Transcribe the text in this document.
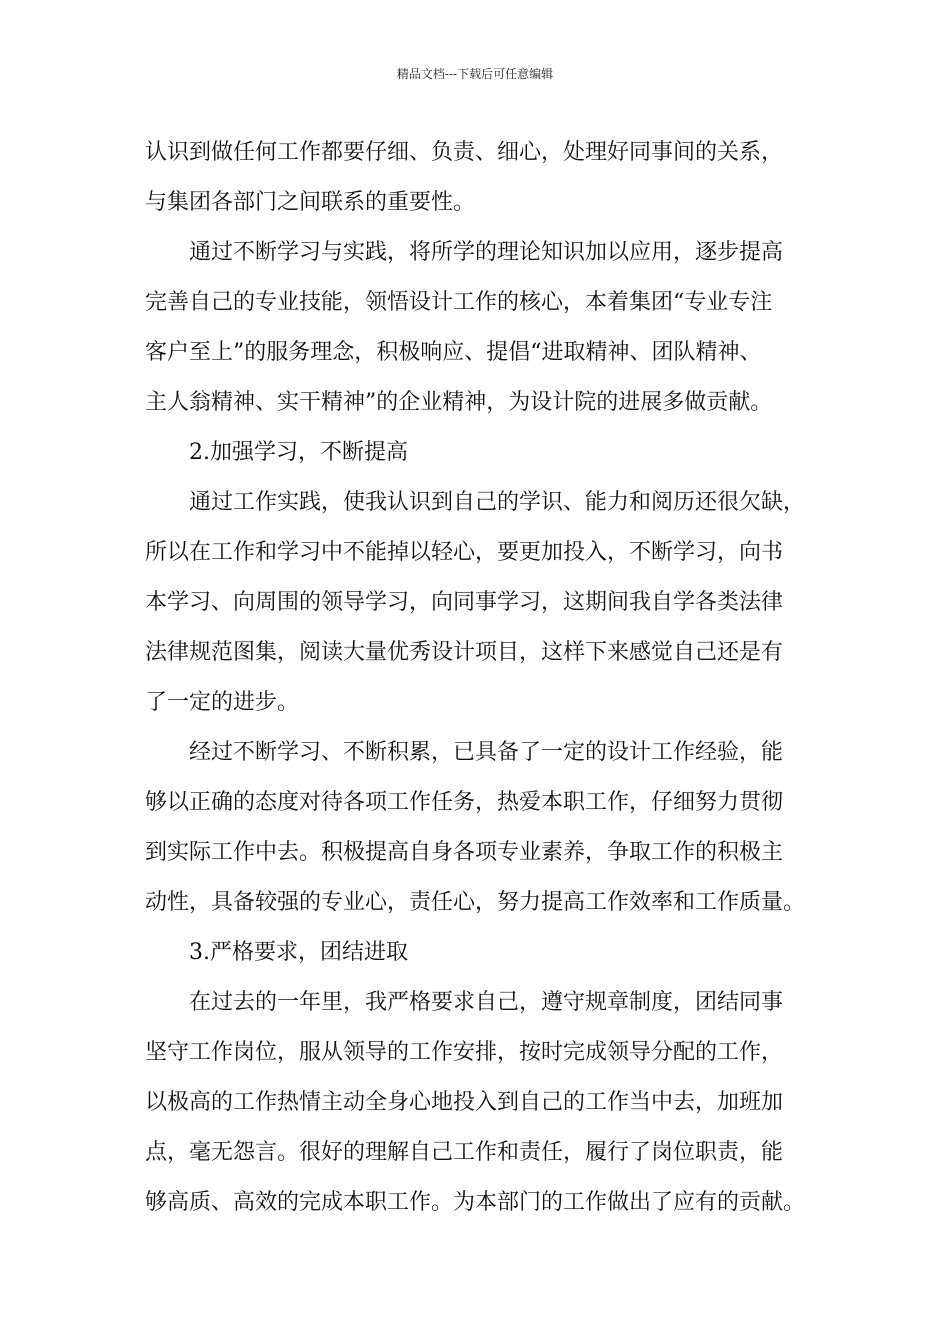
精品文档---下载后可任意编辑
认识到做任何工作都要仔细、负责、细心，处理好同事间的关系，
与集团各部门之间联系的重要性。
通过不断学习与实践，将所学的理论知识加以应用，逐步提高
完善自己的专业技能，领悟设计工作的核心，本着集团“专业专注
客户至上”的服务理念，积极响应、提倡“进取精神、团队精神、
主人翁精神、实干精神”的企业精神，为设计院的进展多做贡献。
2.加强学习，不断提高
通过工作实践，使我认识到自己的学识、能力和阅历还很欠缺，
所以在工作和学习中不能掉以轻心，要更加投入，不断学习，向书
本学习、向周围的领导学习，向同事学习，这期间我自学各类法律
法律规范图集，阅读大量优秀设计项目，这样下来感觉自己还是有
了一定的进步。
经过不断学习、不断积累，已具备了一定的设计工作经验，能
够以正确的态度对待各项工作任务，热爱本职工作，仔细努力贯彻
到实际工作中去。积极提高自身各项专业素养，争取工作的积极主
动性，具备较强的专业心，责任心，努力提高工作效率和工作质量。
3.严格要求，团结进取
在过去的一年里，我严格要求自己，遵守规章制度，团结同事
坚守工作岗位，服从领导的工作安排，按时完成领导分配的工作，
以极高的工作热情主动全身心地投入到自己的工作当中去，加班加
点，毫无怨言。很好的理解自己工作和责任，履行了岗位职责，能
够高质、高效的完成本职工作。为本部门的工作做出了应有的贡献。
